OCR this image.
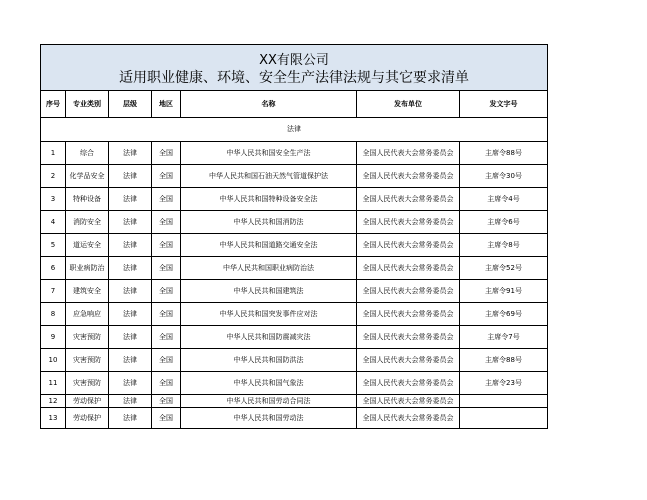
XX有限公司
适用职业健康、环境、安全生产法律法规与其它要求清单						

序号	专业类别	层级	地区	名称	发布单位	发文字号
法律						
1	综合	法律	全国	中华人民共和国安全生产法	全国人民代表大会常务委员会	主席令88号
2	化学品安全	法律	全国	中华人民共和国石油天然气管道保护法	全国人民代表大会常务委员会	主席令30号
3	特种设备	法律	全国	中华人民共和国特种设备安全法	全国人民代表大会常务委员会	主席令4号
4	消防安全	法律	全国	中华人民共和国消防法	全国人民代表大会常务委员会	主席令6号
5	道运安全	法律	全国	中华人民共和国道路交通安全法	全国人民代表大会常务委员会	主席令8号
6	职业病防治	法律	全国	中华人民共和国职业病防治法	全国人民代表大会常务委员会	主席令52号
7	建筑安全	法律	全国	中华人民共和国建筑法	全国人民代表大会常务委员会	主席令91号
8	应急响应	法律	全国	中华人民共和国突发事件应对法	全国人民代表大会常务委员会	主席令69号
9	灾害预防	法律	全国	中华人民共和国防震减灾法	全国人民代表大会常务委员会	主席令7号
10	灾害预防	法律	全国	中华人民共和国防洪法	全国人民代表大会常务委员会	主席令88号
11	灾害预防	法律	全国	中华人民共和国气象法	全国人民代表大会常务委员会	主席令23号
12	劳动保护	法律	全国	中华人民共和国劳动合同法	全国人民代表大会常务委员会	
13	劳动保护	法律	全国	中华人民共和国劳动法	全国人民代表大会常务委员会	
